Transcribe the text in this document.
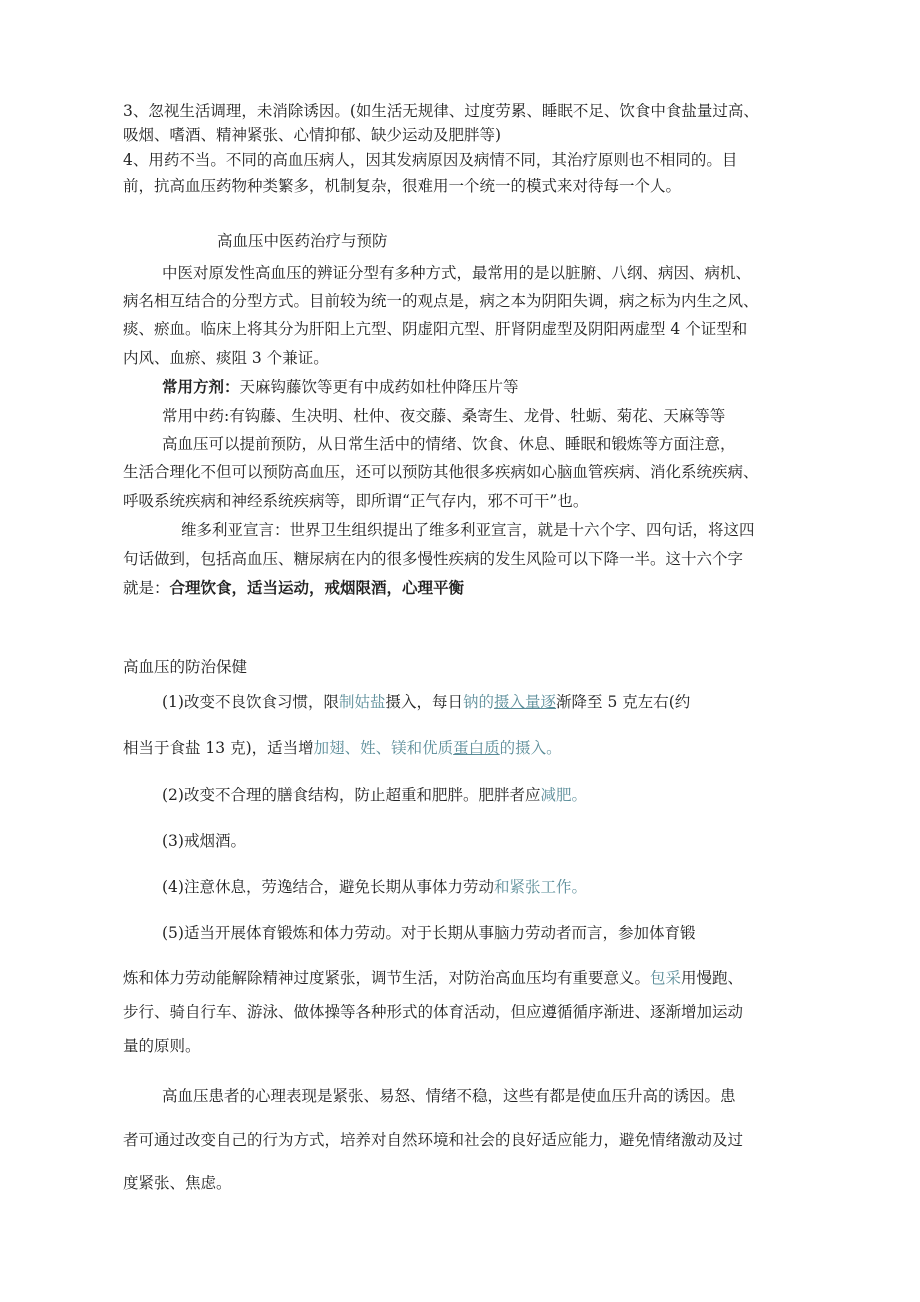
3、忽视生活调理，未消除诱因。(如生活无规律、过度劳累、睡眠不足、饮食中食盐量过高、
吸烟、嗜酒、精神紧张、心情抑郁、缺少运动及肥胖等)
4、用药不当。不同的高血压病人，因其发病原因及病情不同，其治疗原则也不相同的。目
前，抗高血压药物种类繁多，机制复杂，很难用一个统一的模式来对待每一个人。
高血压中医药治疗与预防
中医对原发性高血压的辨证分型有多种方式，最常用的是以脏腑、八纲、病因、病机、
病名相互结合的分型方式。目前较为统一的观点是，病之本为阴阳失调，病之标为内生之风、
痰、瘀血。临床上将其分为肝阳上亢型、阴虚阳亢型、肝肾阴虚型及阴阳两虚型 4 个证型和
内风、血瘀、痰阻 3 个兼证。
常用方剂：天麻钩藤饮等更有中成药如杜仲降压片等
常用中药:有钩藤、生决明、杜仲、夜交藤、桑寄生、龙骨、牡蛎、菊花、天麻等等
高血压可以提前预防，从日常生活中的情绪、饮食、休息、睡眠和锻炼等方面注意，
生活合理化不但可以预防高血压，还可以预防其他很多疾病如心脑血管疾病、消化系统疾病、
呼吸系统疾病和神经系统疾病等，即所谓“正气存内，邪不可干”也。
维多利亚宣言：世界卫生组织提出了维多利亚宣言，就是十六个字、四句话，将这四
句话做到，包括高血压、糖尿病在内的很多慢性疾病的发生风险可以下降一半。这十六个字
就是：合理饮食，适当运动，戒烟限酒，心理平衡
高血压的防治保健
(1)改变不良饮食习惯，限制姑盐摄入，每日钠的摄入量逐渐降至 5 克左右(约
相当于食盐 13 克)，适当增加翅、姓、镁和优质蛋白质的摄入。
(2)改变不合理的膳食结构，防止超重和肥胖。肥胖者应减肥。
(3)戒烟酒。
(4)注意休息，劳逸结合，避免长期从事体力劳动和紧张工作。
(5)适当开展体育锻炼和体力劳动。对于长期从事脑力劳动者而言，参加体育锻
炼和体力劳动能解除精神过度紧张，调节生活，对防治高血压均有重要意义。包采用慢跑、
步行、骑自行车、游泳、做体操等各种形式的体育活动，但应遵循循序渐进、逐渐增加运动
量的原则。
高血压患者的心理表现是紧张、易怒、情绪不稳，这些有都是使血压升高的诱因。患
者可通过改变自己的行为方式，培养对自然环境和社会的良好适应能力，避免情绪激动及过
度紧张、焦虑。
